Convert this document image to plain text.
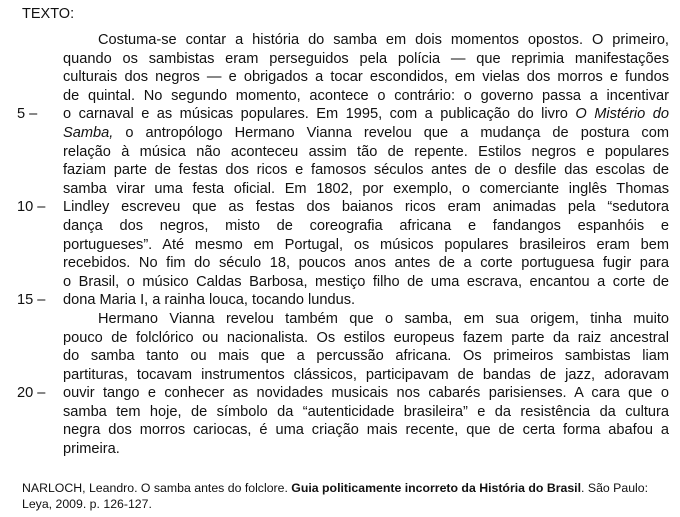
TEXTO:
Costuma-se contar a história do samba em dois momentos opostos. O primeiro,
quando os sambistas eram perseguidos pela polícia — que reprimia manifestações
culturais dos negros — e obrigados a tocar escondidos, em vielas dos morros e fundos
de quintal. No segundo momento, acontece o contrário: o governo passa a incentivar
5 – o carnaval e as músicas populares. Em 1995, com a publicação do livro O Mistério do
Samba, o antropólogo Hermano Vianna revelou que a mudança de postura com
relação à música não aconteceu assim tão de repente. Estilos negros e populares
faziam parte de festas dos ricos e famosos séculos antes de o desfile das escolas de
samba virar uma festa oficial. Em 1802, por exemplo, o comerciante inglês Thomas
10 – Lindley escreveu que as festas dos baianos ricos eram animadas pela “sedutora
dança dos negros, misto de coreografia africana e fandangos espanhóis e
portugueses”. Até mesmo em Portugal, os músicos populares brasileiros eram bem
recebidos. No fim do século 18, poucos anos antes de a corte portuguesa fugir para
o Brasil, o músico Caldas Barbosa, mestiço filho de uma escrava, encantou a corte de
15 – dona Maria I, a rainha louca, tocando lundus.
Hermano Vianna revelou também que o samba, em sua origem, tinha muito
pouco de folclórico ou nacionalista. Os estilos europeus fazem parte da raiz ancestral
do samba tanto ou mais que a percussão africana. Os primeiros sambistas liam
partituras, tocavam instrumentos clássicos, participavam de bandas de jazz, adoravam
20 – ouvir tango e conhecer as novidades musicais nos cabarés parisienses. A cara que o
samba tem hoje, de símbolo da “autenticidade brasileira” e da resistência da cultura
negra dos morros cariocas, é uma criação mais recente, que de certa forma abafou a
primeira.
NARLOCH, Leandro. O samba antes do folclore. Guia politicamente incorreto da História do Brasil. São Paulo: Leya, 2009. p. 126-127.
